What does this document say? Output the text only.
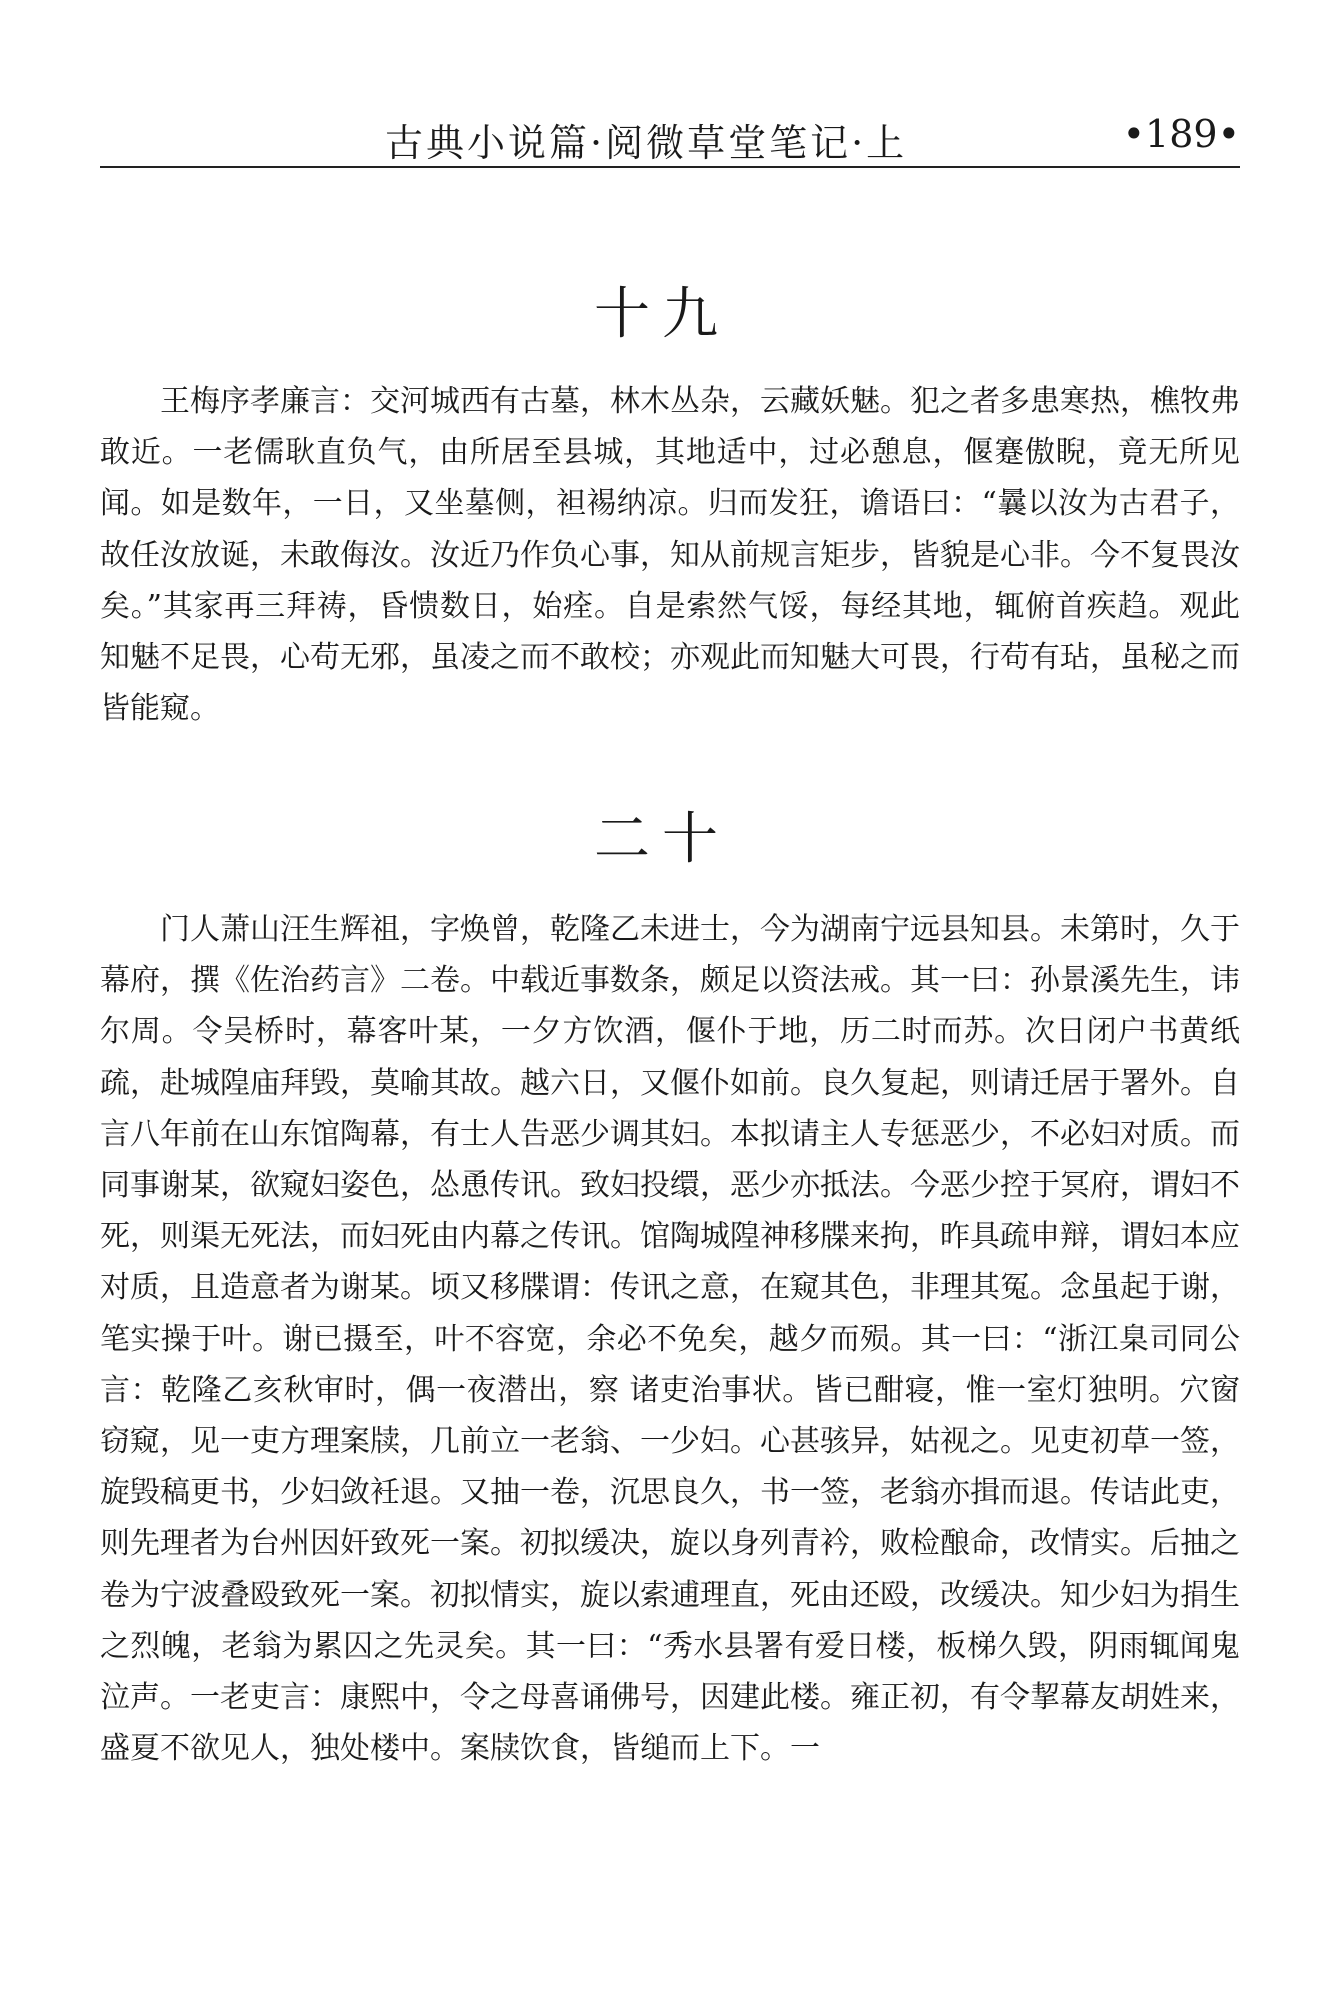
古典小说篇·阅微草堂笔记·上	•189•
十九

王梅序孝廉言：交河城西有古墓，林木丛杂，云藏妖魅。犯之者多患寒热，樵牧弗敢近。一老儒耿直负气，由所居至县城，其地适中，过必憩息，偃蹇傲睨，竟无所见闻。如是数年，一日，又坐墓侧，袒裼纳凉。归而发狂，谵语曰：“曩以汝为古君子，故任汝放诞，未敢侮汝。汝近乃作负心事，知从前规言矩步，皆貌是心非。今不复畏汝矣。”其家再三拜祷，昏愦数日，始痊。自是索然气馁，每经其地，辄俯首疾趋。观此知魅不足畏，心苟无邪，虽凌之而不敢校；亦观此而知魅大可畏，行苟有玷，虽秘之而皆能窥。

二十

门人萧山汪生辉祖，字焕曾，乾隆乙未进士，今为湖南宁远县知县。未第时，久于幕府，撰《佐治药言》二卷。中载近事数条，颇足以资法戒。其一曰：孙景溪先生，讳尔周。令吴桥时，幕客叶某，一夕方饮酒，偃仆于地，历二时而苏。次日闭户书黄纸疏，赴城隍庙拜毁，莫喻其故。越六日，又偃仆如前。良久复起，则请迁居于署外。自言八年前在山东馆陶幕，有士人告恶少调其妇。本拟请主人专惩恶少，不必妇对质。而同事谢某，欲窥妇姿色，怂恿传讯。致妇投缳，恶少亦抵法。今恶少控于冥府，谓妇不死，则渠无死法，而妇死由内幕之传讯。馆陶城隍神移牒来拘，昨具疏申辩，谓妇本应对质，且造意者为谢某。顷又移牒谓：传讯之意，在窥其色，非理其冤。念虽起于谢，笔实操于叶。谢已摄至，叶不容宽，余必不免矣，越夕而殒。其一曰：“浙江臬司同公言：乾隆乙亥秋审时，偶一夜潜出，察 诸吏治事状。皆已酣寝，惟一室灯独明。穴窗窃窥，见一吏方理案牍，几前立一老翁、一少妇。心甚骇异，姑视之。见吏初草一签，旋毁稿更书，少妇敛衽退。又抽一卷，沉思良久，书一签，老翁亦揖而退。传诘此吏，则先理者为台州因奸致死一案。初拟缓决，旋以身列青衿，败检酿命，改情实。后抽之卷为宁波叠殴致死一案。初拟情实，旋以索逋理直，死由还殴，改缓决。知少妇为捐生之烈魄，老翁为累囚之先灵矣。其一曰：“秀水县署有爱日楼，板梯久毁，阴雨辄闻鬼泣声。一老吏言：康熙中，令之母喜诵佛号，因建此楼。雍正初，有令挈幕友胡姓来，盛夏不欲见人，独处楼中。案牍饮食，皆缒而上下。一
